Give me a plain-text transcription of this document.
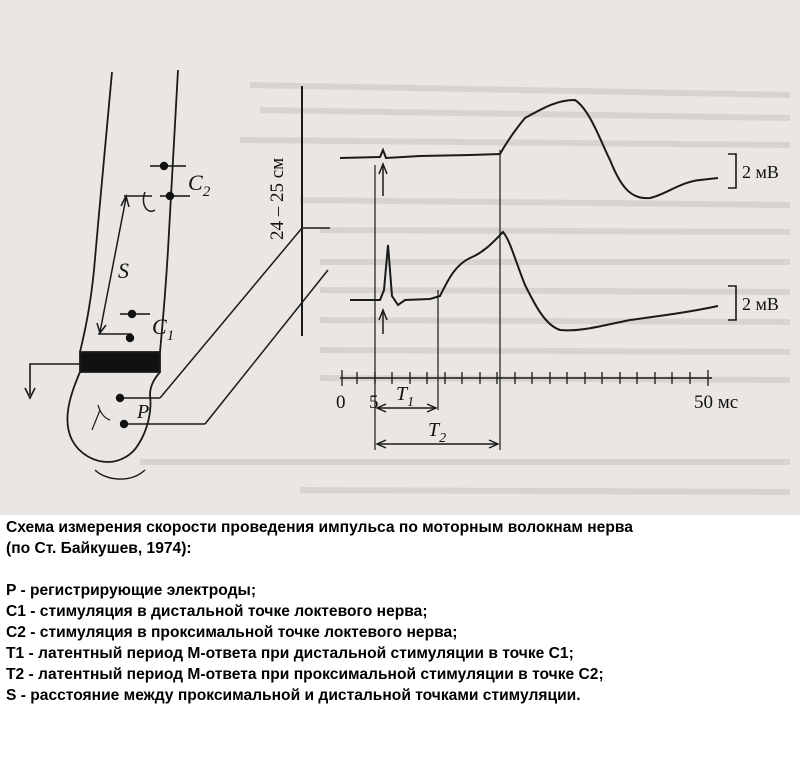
$C_2$
$C_1$
S
P
24 – 25 см	2 мВ
2 мВ
0 5	50 мс
$T_1$
$T_2$
Схема измерения скорости проведения импульса по моторным волокнам нерва
(по Ст. Байкушев, 1974):
P - регистрирующие электроды;
C1 - стимуляция в дистальной точке локтевого нерва;
C2 - стимуляция в проксимальной точке локтевого нерва;
T1 - латентный период М-ответа при дистальной стимуляции в точке C1;
T2 - латентный период М-ответа при проксимальной стимуляции в точке C2;
S - расстояние между проксимальной и дистальной точками стимуляции.
